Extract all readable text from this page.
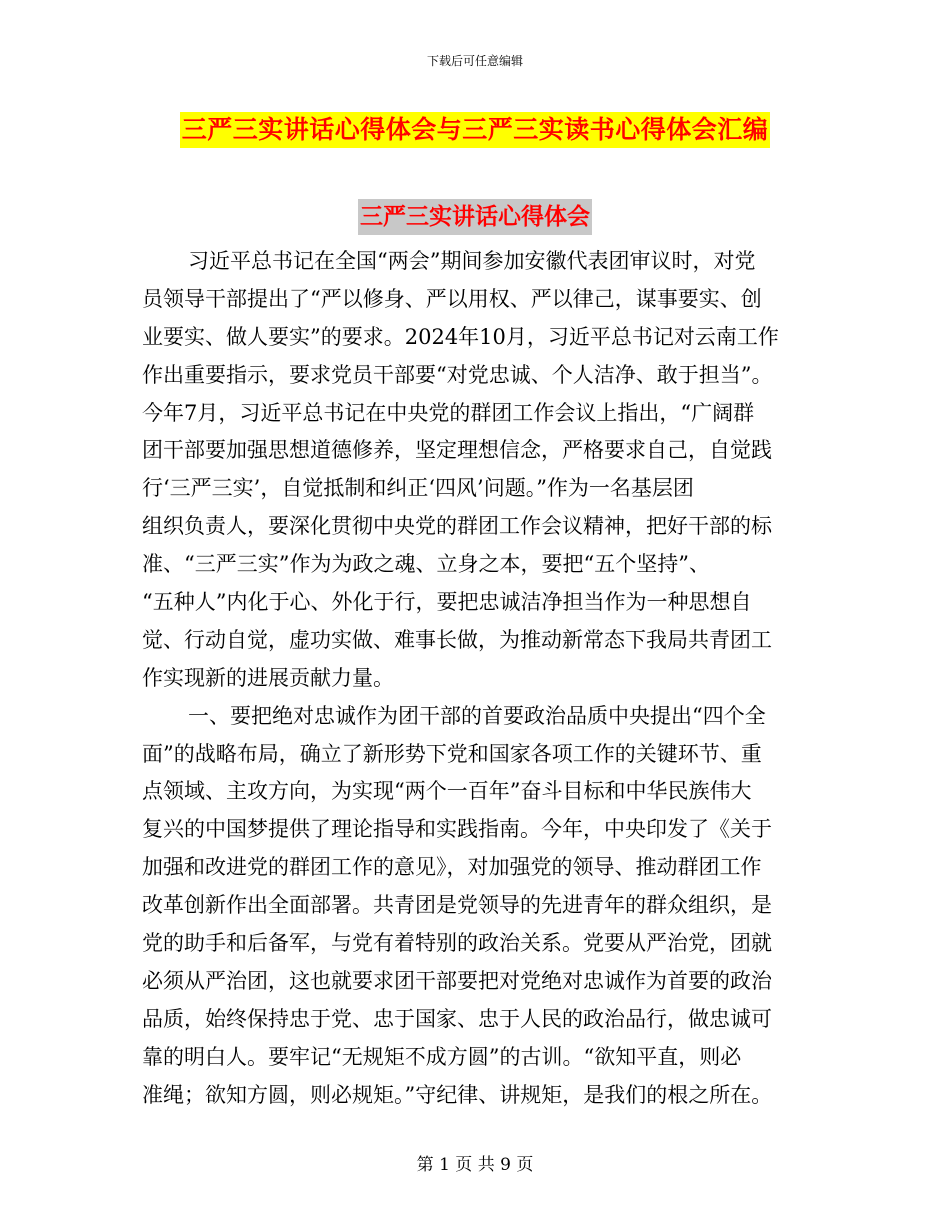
下载后可任意编辑
三严三实讲话心得体会与三严三实读书心得体会汇编
三严三实讲话心得体会
习近平总书记在全国“两会”期间参加安徽代表团审议时，对党
员领导干部提出了“严以修身、严以用权、严以律己，谋事要实、创
业要实、做人要实”的要求。2024年10月，习近平总书记对云南工作
作出重要指示，要求党员干部要“对党忠诚、个人洁净、敢于担当”。
今年7月，习近平总书记在中央党的群团工作会议上指出，“广阔群
团干部要加强思想道德修养，坚定理想信念，严格要求自己，自觉践
行‘三严三实’，自觉抵制和纠正‘四风’问题。”作为一名基层团
组织负责人，要深化贯彻中央党的群团工作会议精神，把好干部的标
准、“三严三实”作为为政之魂、立身之本，要把“五个坚持”、
“五种人”内化于心、外化于行，要把忠诚洁净担当作为一种思想自
觉、行动自觉，虚功实做、难事长做，为推动新常态下我局共青团工
作实现新的进展贡献力量。
一、要把绝对忠诚作为团干部的首要政治品质中央提出“四个全
面”的战略布局，确立了新形势下党和国家各项工作的关键环节、重
点领域、主攻方向，为实现“两个一百年”奋斗目标和中华民族伟大
复兴的中国梦提供了理论指导和实践指南。今年，中央印发了《关于
加强和改进党的群团工作的意见》，对加强党的领导、推动群团工作
改革创新作出全面部署。共青团是党领导的先进青年的群众组织，是
党的助手和后备军，与党有着特别的政治关系。党要从严治党，团就
必须从严治团，这也就要求团干部要把对党绝对忠诚作为首要的政治
品质，始终保持忠于党、忠于国家、忠于人民的政治品行，做忠诚可
靠的明白人。要牢记“无规矩不成方圆”的古训。“欲知平直，则必
准绳；欲知方圆，则必规矩。”守纪律、讲规矩，是我们的根之所在。
第 1 页 共 9 页
